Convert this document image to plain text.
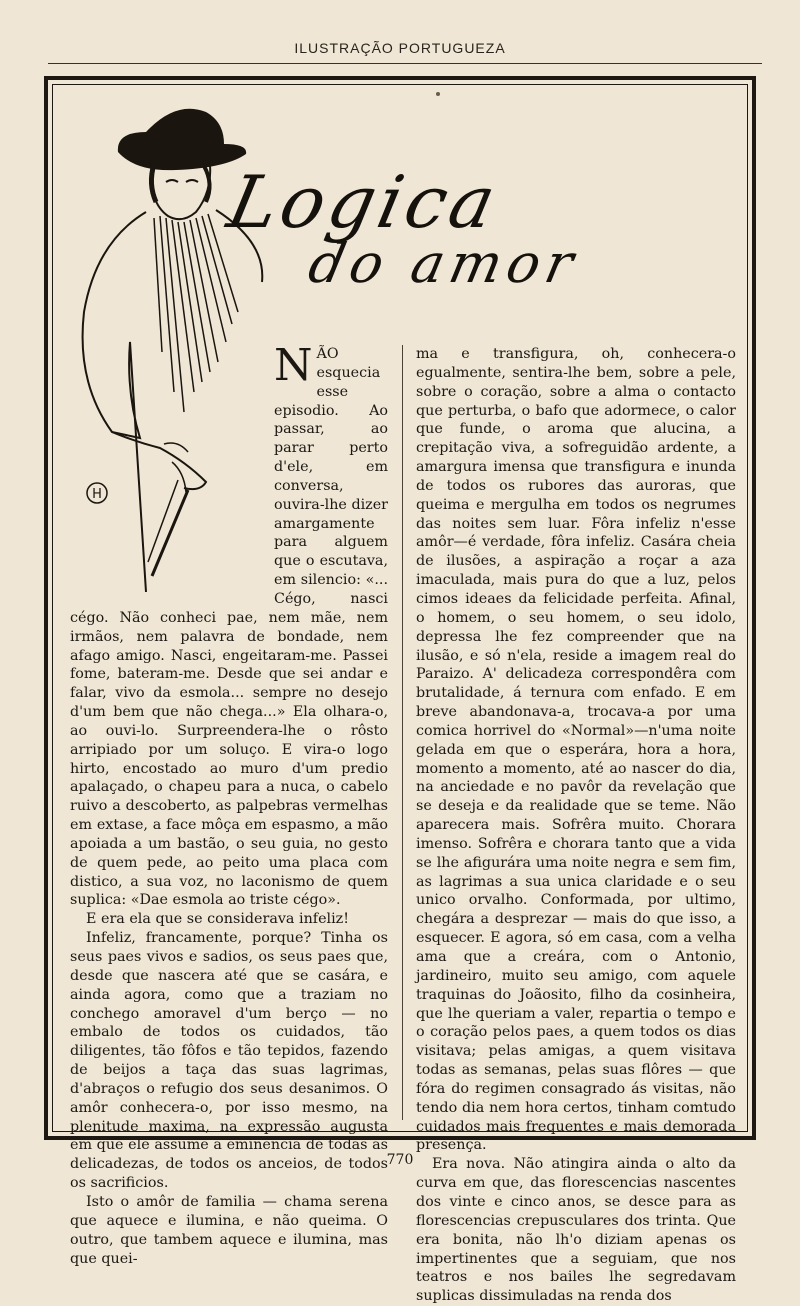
ILUSTRAÇÃO PORTUGUEZA
Logica
do amor
H
N ÃO esquecia esse episodio. Ao passar, ao parar perto d'ele, em conversa, ouvira-lhe dizer amargamente para alguem que o escutava, em silencio: «... Cégo, nasci cégo. Não conheci pae, nem mãe, nem irmãos, nem palavra de bondade, nem afago amigo. Nasci, engeitaram-me. Passei fome, bateram-me. Desde que sei andar e falar, vivo da esmola... sempre no desejo d'um bem que não chega...» Ela olhara-o, ao ouvi-lo. Surpreendera-lhe o rôsto arripiado por um soluço. E vira-o logo hirto, encostado ao muro d'um predio apalaçado, o chapeu para a nuca, o cabelo ruivo a descoberto, as palpebras vermelhas em extase, a face môça em espasmo, a mão apoiada a um bastão, o seu guia, no gesto de quem pede, ao peito uma placa com distico, a sua voz, no laconismo de quem suplica: «Dae esmola ao triste cégo».

E era ela que se considerava infeliz!

Infeliz, francamente, porque? Tinha os seus paes vivos e sadios, os seus paes que, desde que nascera até que se casára, e ainda agora, como que a traziam no conchego amoravel d'um berço — no embalo de todos os cuidados, tão diligentes, tão fôfos e tão tepidos, fazendo de beijos a taça das suas lagrimas, d'abraços o refugio dos seus desanimos. O amôr conhecera-o, por isso mesmo, na plenitude maxima, na expressão augusta em que ele assume a eminencia de todas as delicadezas, de todos os anceios, de todos os sacrificios.

Isto o amôr de familia — chama serena que aquece e ilumina, e não queima. O outro, que tambem aquece e ilumina, mas que quei-

ma e transfigura, oh, conhecera-o egualmente, sentira-lhe bem, sobre a pele, sobre o coração, sobre a alma o contacto que perturba, o bafo que adormece, o calor que funde, o aroma que alucina, a crepitação viva, a sofreguidão ardente, a amargura imensa que transfigura e inunda de todos os rubores das auroras, que queima e mergulha em todos os negrumes das noites sem luar. Fôra infeliz n'esse amôr—é verdade, fôra infeliz. Casára cheia de ilusões, a aspiração a roçar a aza imaculada, mais pura do que a luz, pelos cimos ideaes da felicidade perfeita. Afinal, o homem, o seu homem, o seu idolo, depressa lhe fez compreender que na ilusão, e só n'ela, reside a imagem real do Paraizo. A' delicadeza correspondêra com brutalidade, á ternura com enfado. E em breve abandonava-a, trocava-a por uma comica horrivel do «Normal»—n'uma noite gelada em que o esperára, hora a hora, momento a momento, até ao nascer do dia, na anciedade e no pavôr da revelação que se deseja e da realidade que se teme. Não aparecera mais. Sofrêra muito. Chorara imenso. Sofrêra e chorara tanto que a vida se lhe afigurára uma noite negra e sem fim, as lagrimas a sua unica claridade e o seu unico orvalho. Conformada, por ultimo, chegára a desprezar — mais do que isso, a esquecer. E agora, só em casa, com a velha ama que a creára, com o Antonio, jardineiro, muito seu amigo, com aquele traquinas do Joãosito, filho da cosinheira, que lhe queriam a valer, repartia o tempo e o coração pelos paes, a quem todos os dias visitava; pelas amigas, a quem visitava todas as semanas, pelas suas flôres — que fóra do regimen consagrado ás visitas, não tendo dia nem hora certos, tinham comtudo cuidados mais frequentes e mais demorada presença.

Era nova. Não atingira ainda o alto da curva em que, das florescencias nascentes dos vinte e cinco anos, se desce para as florescencias crepusculares dos trinta. Que era bonita, não lh'o diziam apenas os impertinentes que a seguiam, que nos teatros e nos bailes lhe segredavam suplicas dissimuladas na renda dos

770
